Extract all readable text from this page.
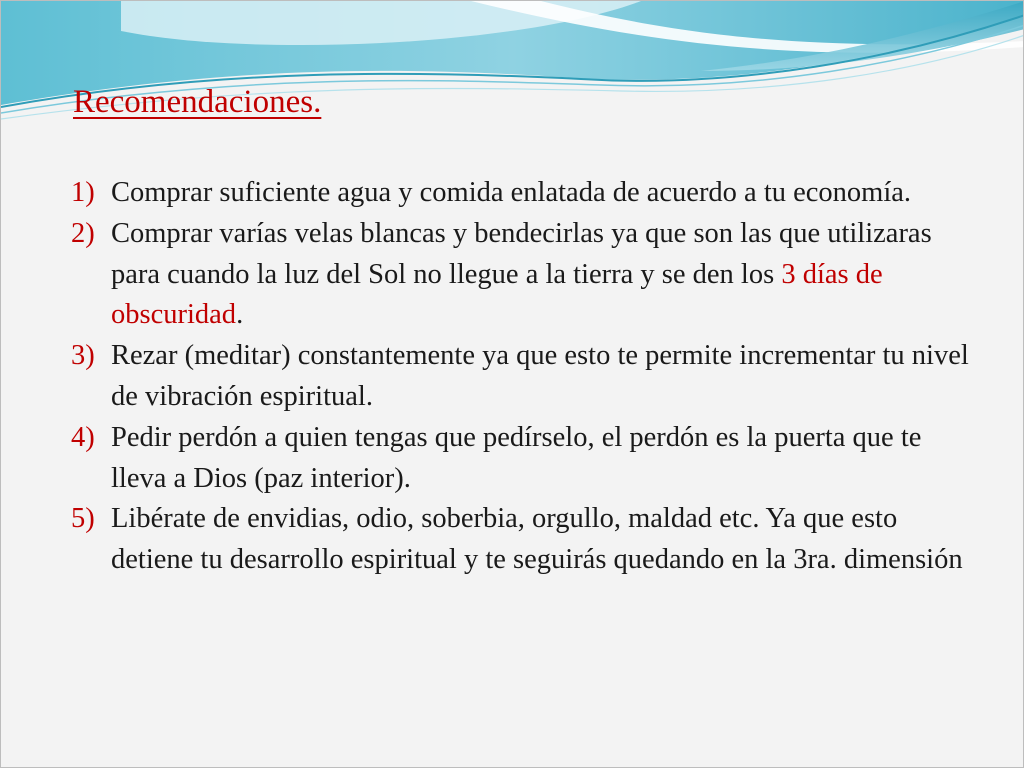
Recomendaciones.
1) Comprar suficiente agua y comida enlatada de acuerdo a tu economía.
2) Comprar varías velas blancas y bendecirlas ya que son las que utilizaras para cuando la luz del Sol no llegue a la tierra y se den los 3 días de obscuridad.
3) Rezar (meditar) constantemente ya que esto te permite incrementar tu nivel de vibración espiritual.
4) Pedir perdón a quien tengas que pedírselo, el perdón es la puerta que te lleva a Dios (paz interior).
5) Libérate de envidias, odio, soberbia, orgullo, maldad etc. Ya que esto detiene tu desarrollo espiritual y te seguirás quedando en la 3ra. dimensión
